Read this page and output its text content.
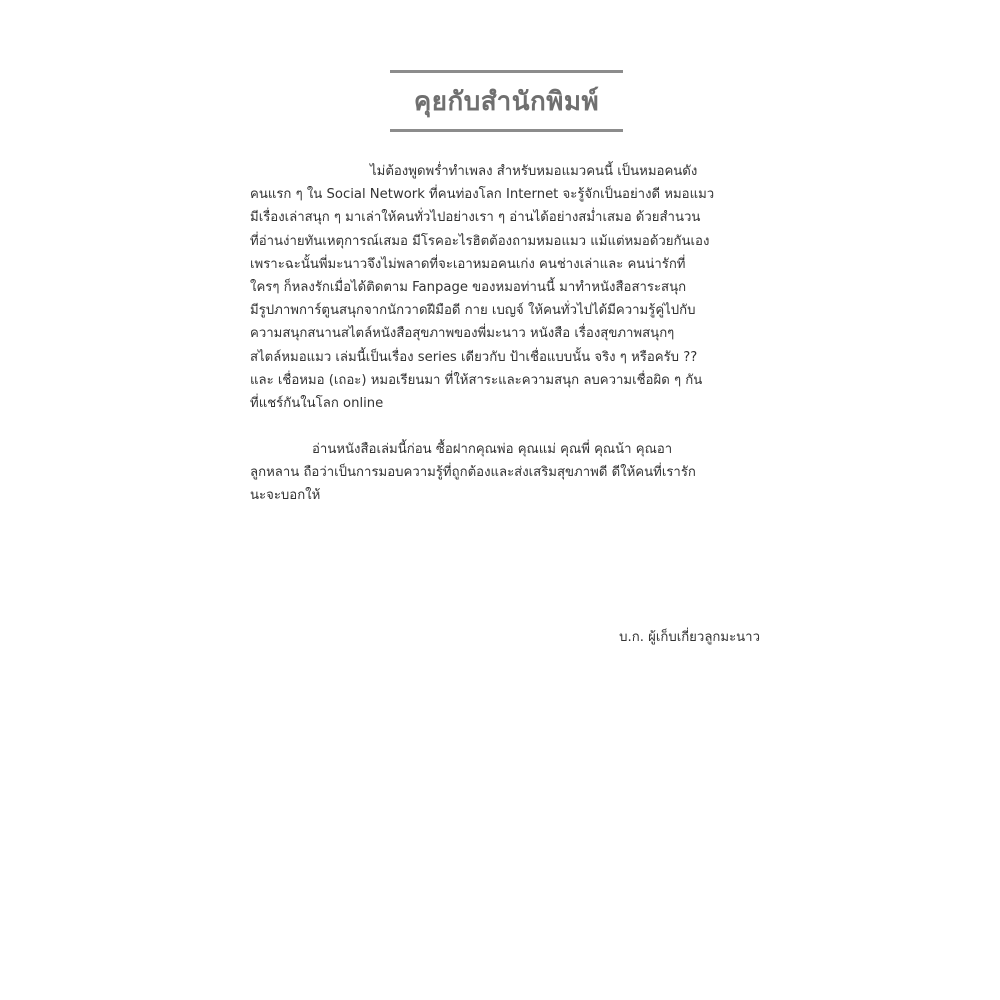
คุยกับสำนักพิมพ์
ไม่ต้องพูดพร่ำทำเพลง สำหรับหมอแมวคนนี้ เป็นหมอคนดัง
คนแรก ๆ ใน Social Network ที่คนท่องโลก Internet จะรู้จักเป็นอย่างดี หมอแมว
มีเรื่องเล่าสนุก ๆ มาเล่าให้คนทั่วไปอย่างเรา ๆ อ่านได้อย่างสม่ำเสมอ ด้วยสำนวน
ที่อ่านง่ายทันเหตุการณ์เสมอ มีโรคอะไรฮิตต้องถามหมอแมว แม้แต่หมอด้วยกันเอง
เพราะฉะนั้นพี่มะนาวจึงไม่พลาดที่จะเอาหมอคนเก่ง คนช่างเล่าและ คนน่ารักที่
ใครๆ ก็หลงรักเมื่อได้ติดตาม Fanpage ของหมอท่านนี้ มาทำหนังสือสาระสนุก
มีรูปภาพการ์ตูนสนุกจากนักวาดฝีมือดี กาย เบญจ์ ให้คนทั่วไปได้มีความรู้คู่ไปกับ
ความสนุกสนานสไตล์หนังสือสุขภาพของพี่มะนาว หนังสือ เรื่องสุขภาพสนุกๆ
สไตล์หมอแมว เล่มนี้เป็นเรื่อง series เดียวกับ ป้าเชื่อแบบนั้น จริง ๆ หรือครับ ??
และ เชื่อหมอ (เถอะ) หมอเรียนมา ที่ให้สาระและความสนุก ลบความเชื่อผิด ๆ กัน
ที่แชร์กันในโลก online
อ่านหนังสือเล่มนี้ก่อน ซื้อฝากคุณพ่อ คุณแม่ คุณพี่ คุณน้า คุณอา
ลูกหลาน ถือว่าเป็นการมอบความรู้ที่ถูกต้องและส่งเสริมสุขภาพดี ดีให้คนที่เรารัก
นะจะบอกให้
บ.ก. ผู้เก็บเกี่ยวลูกมะนาว
